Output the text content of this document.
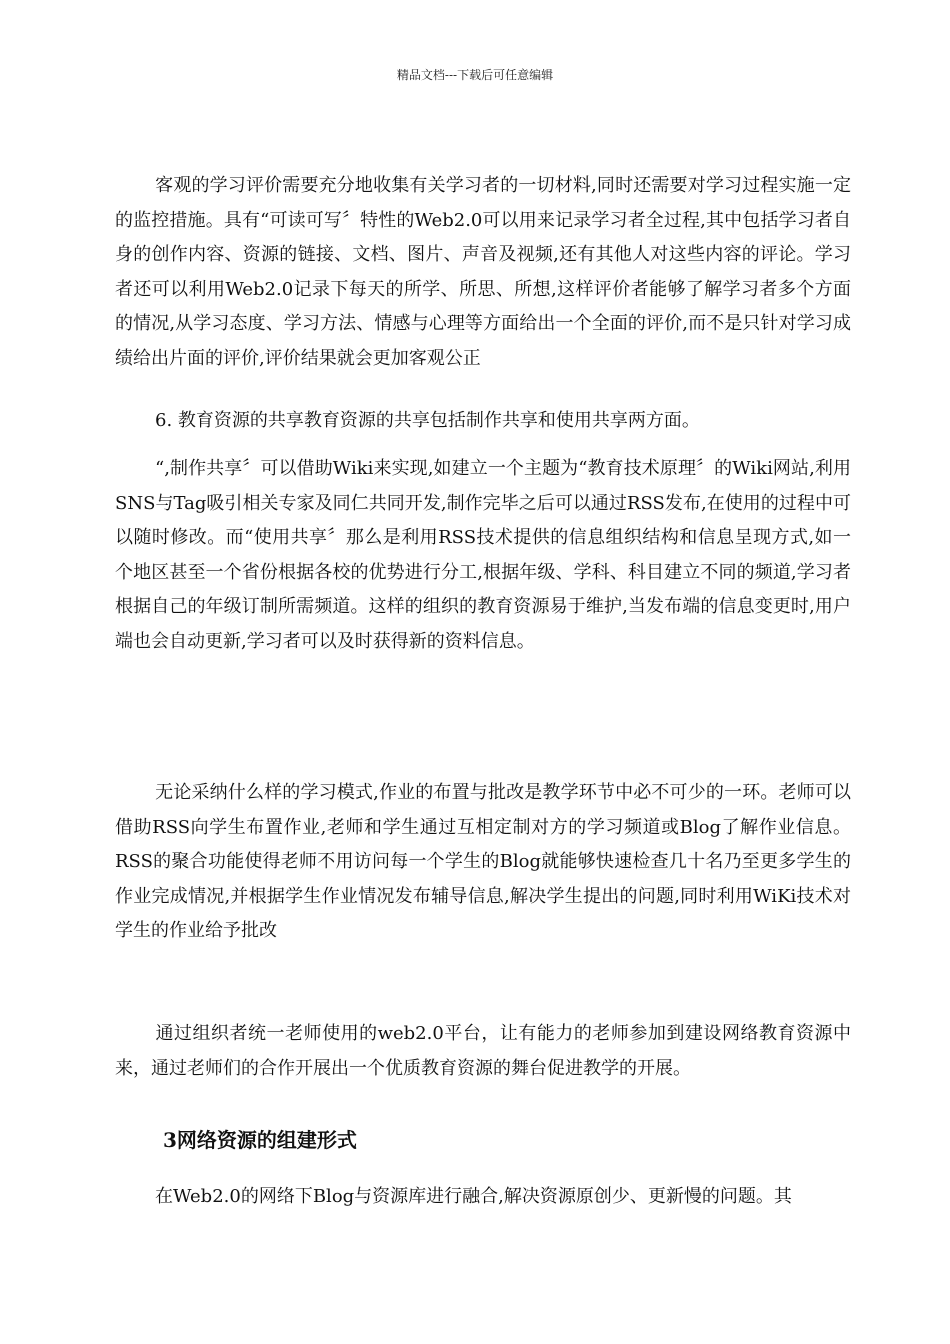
精品文档---下载后可任意编辑

客观的学习评价需要充分地收集有关学习者的一切材料,同时还需要对学习过程实施一定的监控措施。具有“可读可写〞特性的Web2.0可以用来记录学习者全过程,其中包括学习者自身的创作内容、资源的链接、文档、图片、声音及视频,还有其他人对这些内容的评论。学习者还可以利用Web2.0记录下每天的所学、所思、所想,这样评价者能够了解学习者多个方面的情况,从学习态度、学习方法、情感与心理等方面给出一个全面的评价,而不是只针对学习成绩给出片面的评价,评价结果就会更加客观公正

6. 教育资源的共享教育资源的共享包括制作共享和使用共享两方面。

“,制作共享〞可以借助Wiki来实现,如建立一个主题为“教育技术原理〞的Wiki网站,利用SNS与Tag吸引相关专家及同仁共同开发,制作完毕之后可以通过RSS发布,在使用的过程中可以随时修改。而“使用共享〞那么是利用RSS技术提供的信息组织结构和信息呈现方式,如一个地区甚至一个省份根据各校的优势进行分工,根据年级、学科、科目建立不同的频道,学习者根据自己的年级订制所需频道。这样的组织的教育资源易于维护,当发布端的信息变更时,用户端也会自动更新,学习者可以及时获得新的资料信息。

无论采纳什么样的学习模式,作业的布置与批改是教学环节中必不可少的一环。老师可以借助RSS向学生布置作业,老师和学生通过互相定制对方的学习频道或Blog了解作业信息。RSS的聚合功能使得老师不用访问每一个学生的Blog就能够快速检查几十名乃至更多学生的作业完成情况,并根据学生作业情况发布辅导信息,解决学生提出的问题,同时利用WiKi技术对学生的作业给予批改

通过组织者统一老师使用的web2.0平台，让有能力的老师参加到建设网络教育资源中来，通过老师们的合作开展出一个优质教育资源的舞台促进教学的开展。

3网络资源的组建形式

在Web2.0的网络下Blog与资源库进行融合,解决资源原创少、更新慢的问题。其
